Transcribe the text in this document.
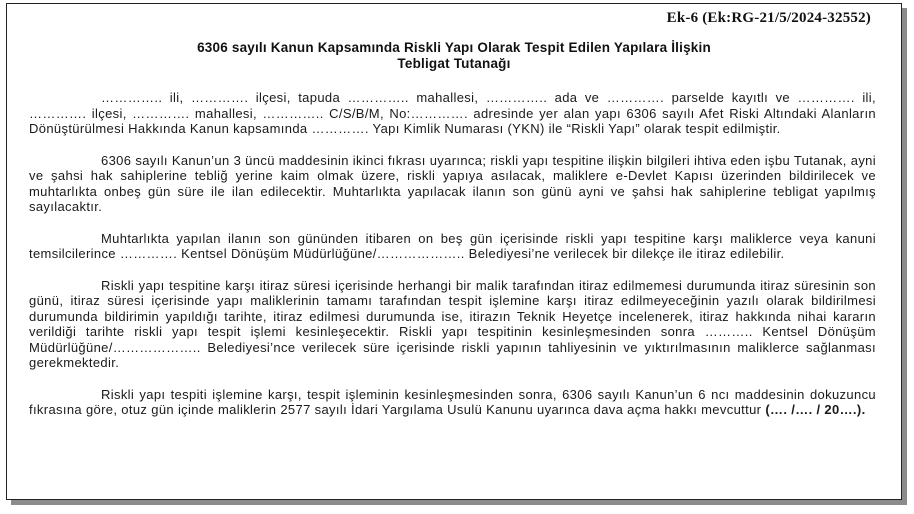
Ek-6 (Ek:RG-21/5/2024-32552)
6306 sayılı Kanun Kapsamında Riskli Yapı Olarak Tespit Edilen Yapılara İlişkin
Tebligat Tutanağı

………….. ili, …………. ilçesi, tapuda ………….. mahallesi, ………….. ada ve …………. parselde kayıtlı ve …………. ili, …………. ilçesi, …………. mahallesi, ………….. C/S/B/M, No:…………. adresinde yer alan yapı 6306 sayılı Afet Riski Altındaki Alanların Dönüştürülmesi Hakkında Kanun kapsamında …………. Yapı Kimlik Numarası (YKN) ile “Riskli Yapı” olarak tespit edilmiştir.

6306 sayılı Kanun’un 3 üncü maddesinin ikinci fıkrası uyarınca; riskli yapı tespitine ilişkin bilgileri ihtiva eden işbu Tutanak, ayni ve şahsi hak sahiplerine tebliğ yerine kaim olmak üzere, riskli yapıya asılacak, maliklere e-Devlet Kapısı üzerinden bildirilecek ve muhtarlıkta onbeş gün süre ile ilan edilecektir. Muhtarlıkta yapılacak ilanın son günü ayni ve şahsi hak sahiplerine tebligat yapılmış sayılacaktır.

Muhtarlıkta yapılan ilanın son gününden itibaren on beş gün içerisinde riskli yapı tespitine karşı maliklerce veya kanuni temsilcilerince …………. Kentsel Dönüşüm Müdürlüğüne/……………….. Belediyesi’ne verilecek bir dilekçe ile itiraz edilebilir.

Riskli yapı tespitine karşı itiraz süresi içerisinde herhangi bir malik tarafından itiraz edilmemesi durumunda itiraz süresinin son günü, itiraz süresi içerisinde yapı maliklerinin tamamı tarafından tespit işlemine karşı itiraz edilmeyeceğinin yazılı olarak bildirilmesi durumunda bildirimin yapıldığı tarihte, itiraz edilmesi durumunda ise, itirazın Teknik Heyetçe incelenerek, itiraz hakkında nihai kararın verildiği tarihte riskli yapı tespit işlemi kesinleşecektir. Riskli yapı tespitinin kesinleşmesinden sonra ……….. Kentsel Dönüşüm Müdürlüğüne/……………….. Belediyesi’nce verilecek süre içerisinde riskli yapının tahliyesinin ve yıktırılmasının maliklerce sağlanması gerekmektedir.

Riskli yapı tespiti işlemine karşı, tespit işleminin kesinleşmesinden sonra, 6306 sayılı Kanun’un 6 ncı maddesinin dokuzuncu fıkrasına göre, otuz gün içinde maliklerin 2577 sayılı İdari Yargılama Usulü Kanunu uyarınca dava açma hakkı mevcuttur (…. /…. / 20….).
